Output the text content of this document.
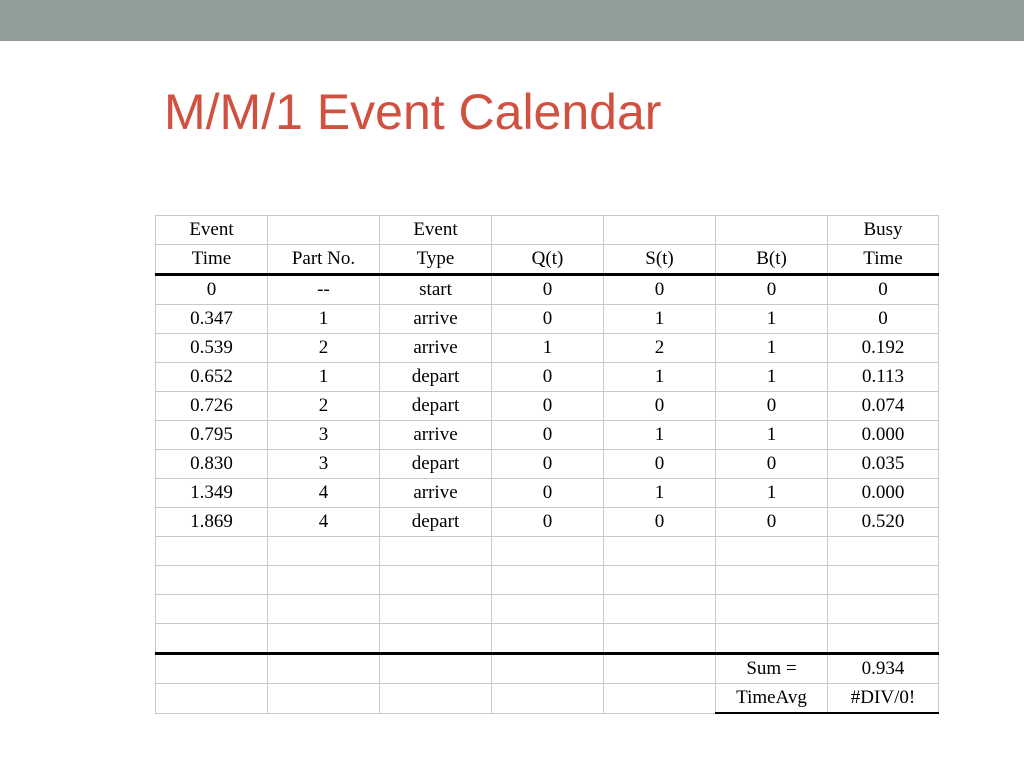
M/M/1 Event Calendar
Event		Event				Busy
Time	Part No.	Type	Q(t)	S(t)	B(t)	Time
0	--	start	0	0	0	0
0.347	1	arrive	0	1	1	0
0.539	2	arrive	1	2	1	0.192
0.652	1	depart	0	1	1	0.113
0.726	2	depart	0	0	0	0.074
0.795	3	arrive	0	1	1	0.000
0.830	3	depart	0	0	0	0.035
1.349	4	arrive	0	1	1	0.000
1.869	4	depart	0	0	0	0.520

					Sum =	0.934
					TimeAvg	#DIV/0!
